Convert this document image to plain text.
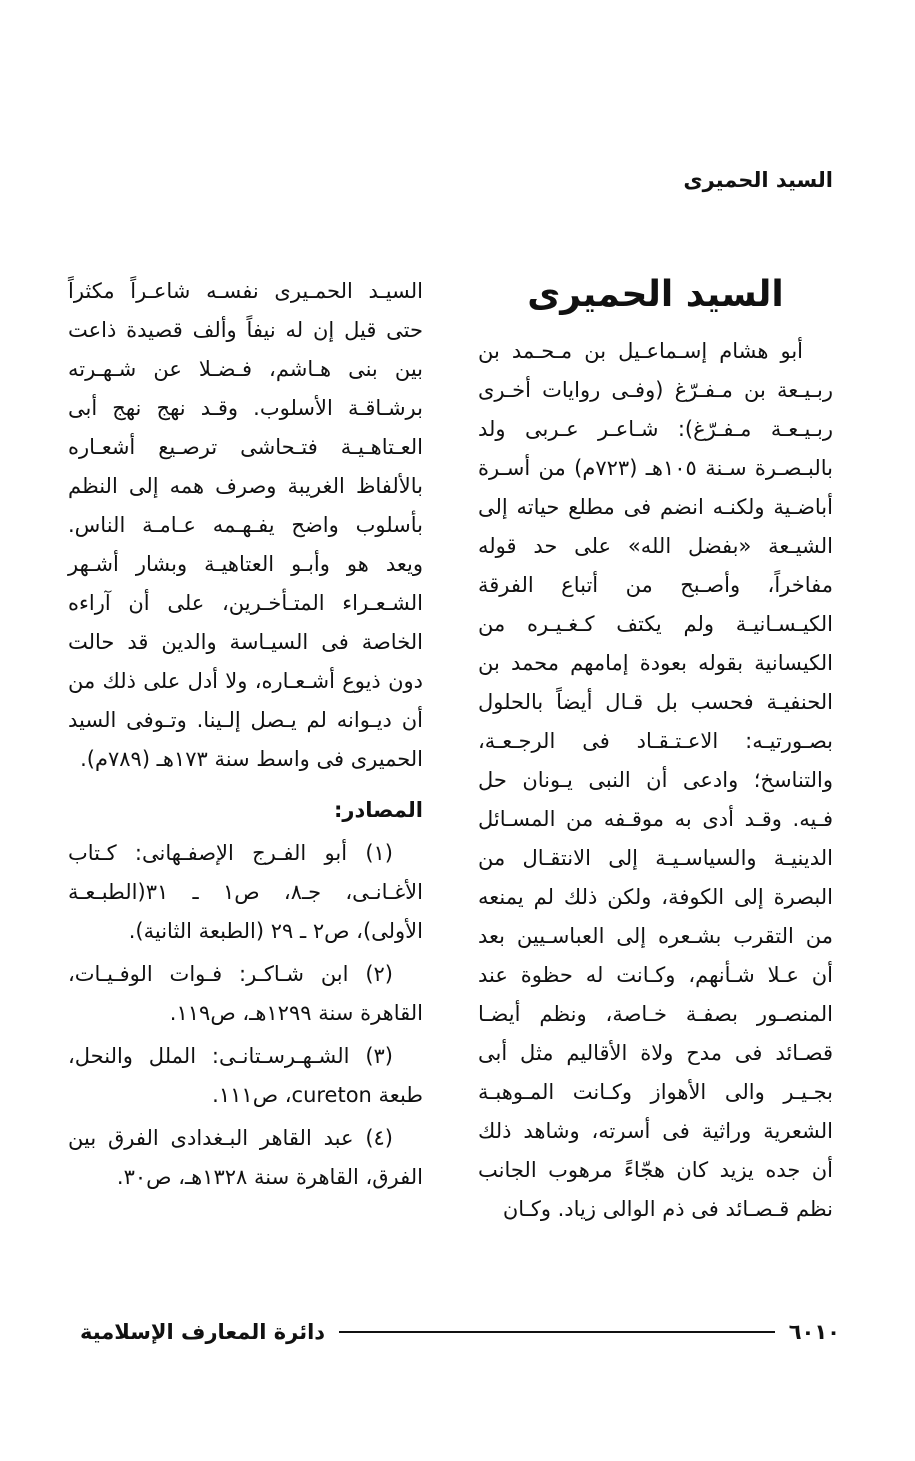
السيد الحميرى
السيد الحميرى

أبو هشام إسـماعـيل بن مـحـمد بن ربـيـعة بن مـفـرّغ (وفـى روايات أخـرى ربـيـعـة مـفـرّغ): شـاعـر عـربى ولد بالبـصـرة سـنة ١٠٥هـ (٧٢٣م) من أسـرة أباضـية ولكنـه انضم فى مطلع حياته إلى الشيـعة «بفضل الله» على حد قوله مفاخراً، وأصـبح من أتباع الفرقة الكيـسـانيـة ولم يكتف كـغـيـره من الكيسانية بقوله بعودة إمامهم محمد بن الحنفيـة فحسب بل قـال أيضاً بالحلول بصـورتيـه: الاعـتـقـاد فى الرجـعـة، والتناسخ؛ وادعى أن النبى يـونان حل فـيه. وقـد أدى به موقـفه من المسـائل الدينيـة والسياسـيـة إلى الانتقـال من البصرة إلى الكوفة، ولكن ذلك لم يمنعه من التقرب بشـعره إلى العباسـيين بعد أن عـلا شـأنهم، وكـانت له حظوة عند المنصـور بصفـة خـاصة، ونظم أيضـا قصـائد فى مدح ولاة الأقاليم مثل أبى بجـيـر والى الأهواز وكـانت المـوهبـة الشعرية وراثية فى أسرته، وشاهد ذلك أن جده يزيد كان هجّاءً مرهوب الجانب نظم قـصـائد فى ذم الوالى زياد. وكـان

السيـد الحمـيرى نفسـه شاعـراً مكثراً حتى قيل إن له نيفاً وألف قصيدة ذاعت بين بنى هـاشم، فـضـلا عن شـهـرته برشـاقـة الأسلوب. وقـد نهج نهج أبى العـتاهـيـة فتـحاشى ترصـيع أشعـاره بالألفاظ الغريبة وصرف همه إلى النظم بأسلوب واضح يفـهـمه عـامـة الناس. ويعد هو وأبـو العتاهيـة وبشار أشـهر الشـعـراء المتـأخـرين، على أن آراءه الخاصة فى السيـاسة والدين قد حالت دون ذيوع أشـعـاره، ولا أدل على ذلك من أن ديـوانه لم يـصل إلـينا. وتـوفى السيد الحميرى فى واسط سنة ١٧٣هـ (٧٨٩م).

المصادر:

(١) أبو الفـرج الإصفـهانى: كـتاب الأغـانـى، جـ٨، ص١ ـ ٣١(الطبـعـة الأولى)، ص٢ ـ ٢٩ (الطبعة الثانية).

(٢) ابن شـاكـر: فـوات الوفـيـات، القاهرة سنة ١٢٩٩هـ، ص١١٩.

(٣) الشـهـرسـتانـى: الملل والنحل، طبعة cureton، ص١١١.

(٤) عبد القاهر البـغدادى الفرق بين الفرق، القاهرة سنة ١٣٢٨هـ، ص٣٠.

٦٠١٠
دائرة المعارف الإسلامية
